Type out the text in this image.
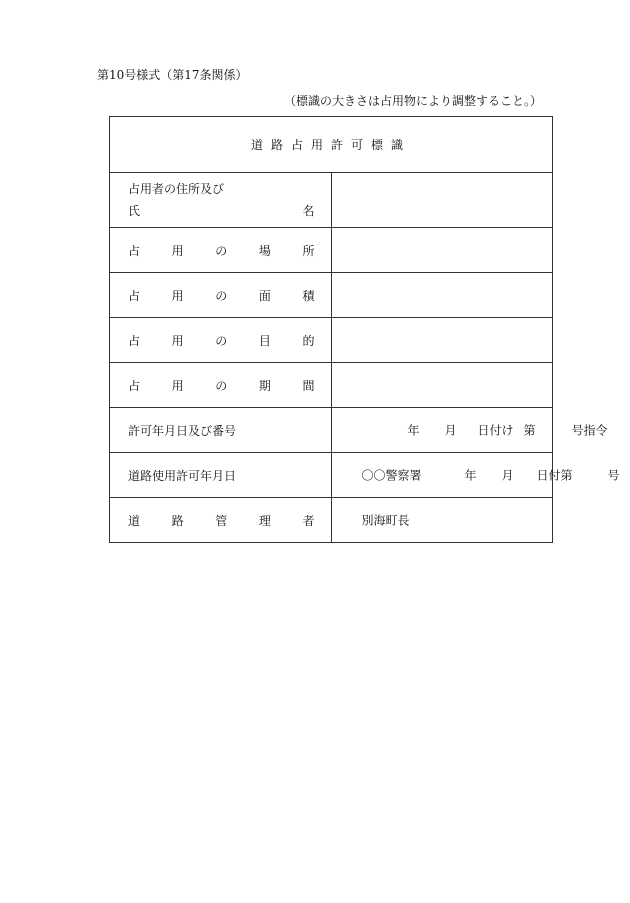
第10号様式（第17条関係）
（標識の大きさは占用物により調整すること。）
道路占用許可標識	

占用者の住所及び
氏 名	

占 用 の 場 所	

占 用 の 面 積	

占 用 の 目 的	

占 用 の 期 間	

許可年月日及び番号	年 月 日付け 第 号指令

道路使用許可年月日	〇〇警察署 年 月 日付第 号

道 路 管 理 者	別海町長
